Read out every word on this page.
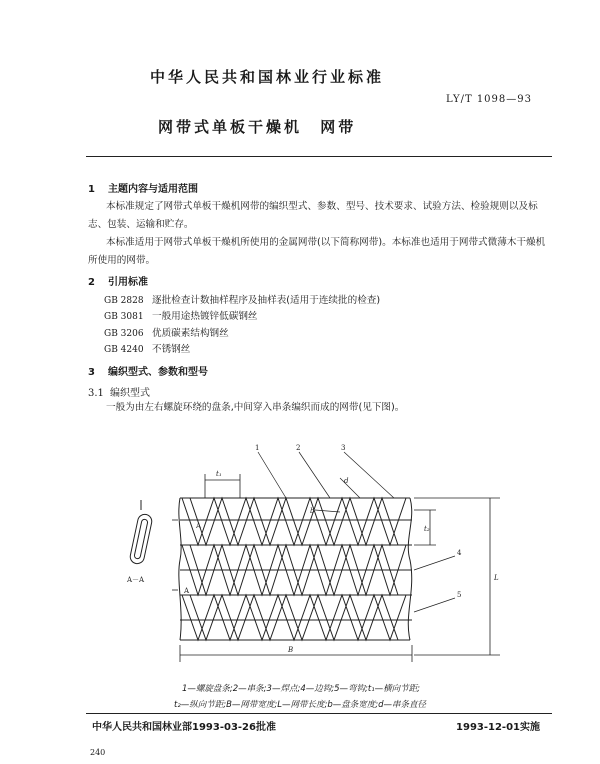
中华人民共和国林业行业标准
LY/T 1098—93
网带式单板干燥机 网带
1 主题内容与适用范围
本标准规定了网带式单板干燥机网带的编织型式、参数、型号、技术要求、试验方法、检验规则以及标志、包装、运输和贮存。
本标准适用于网带式单板干燥机所使用的金属网带(以下简称网带)。本标准也适用于网带式微薄木干燥机所使用的网带。
2 引用标准
GB 2828 逐批检查计数抽样程序及抽样表(适用于连续批的检查)
GB 3081 一般用途热镀锌低碳钢丝
GB 3206 优质碳素结构钢丝
GB 4240 不锈钢丝
3 编织型式、参数和型号
3.1 编织型式
一般为由左右螺旋环绕的盘条,中间穿入串条编织而成的网带(见下图)。
1	2	3
4
5
t₁
t₂
b
d
B
L
A
A
A－A
1—螺旋盘条;2—串条;3—焊点;4—边钩;5—弯钩;t₁—横向节距;
t₂—纵向节距;B—网带宽度;L—网带长度;b—盘条宽度;d—串条直径
中华人民共和国林业部1993-03-26批准	1993-12-01实施
240
